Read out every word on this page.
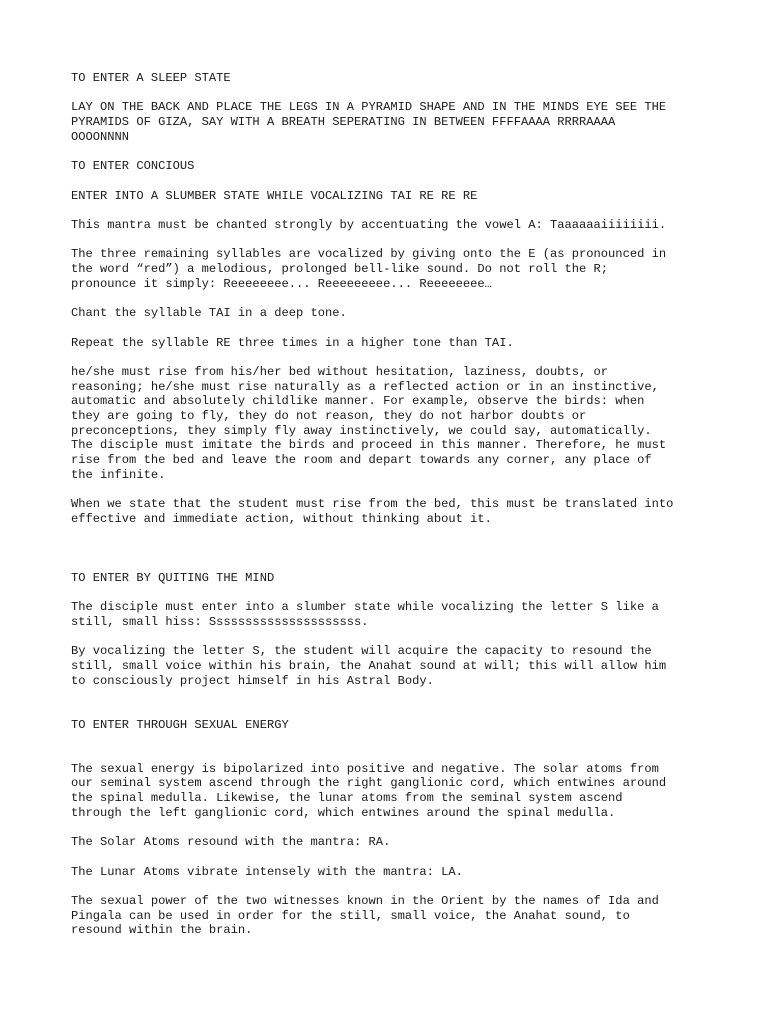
TO ENTER A SLEEP STATE

LAY ON THE BACK AND PLACE THE LEGS IN A PYRAMID SHAPE AND IN THE MINDS EYE SEE THE
PYRAMIDS OF GIZA, SAY WITH A BREATH SEPERATING IN BETWEEN FFFFAAAA RRRRAAAA
OOOONNNN

TO ENTER CONCIOUS

ENTER INTO A SLUMBER STATE WHILE VOCALIZING TAI RE RE RE

This mantra must be chanted strongly by accentuating the vowel A: Taaaaaaiiiiiiii.

The three remaining syllables are vocalized by giving onto the E (as pronounced in
the word “red”) a melodious, prolonged bell-like sound. Do not roll the R;
pronounce it simply: Reeeeeeee... Reeeeeeeee... Reeeeeeee…

Chant the syllable TAI in a deep tone.

Repeat the syllable RE three times in a higher tone than TAI.

he/she must rise from his/her bed without hesitation, laziness, doubts, or
reasoning; he/she must rise naturally as a reflected action or in an instinctive,
automatic and absolutely childlike manner. For example, observe the birds: when
they are going to fly, they do not reason, they do not harbor doubts or
preconceptions, they simply fly away instinctively, we could say, automatically.
The disciple must imitate the birds and proceed in this manner. Therefore, he must
rise from the bed and leave the room and depart towards any corner, any place of
the infinite.

When we state that the student must rise from the bed, this must be translated into
effective and immediate action, without thinking about it.

TO ENTER BY QUITING THE MIND

The disciple must enter into a slumber state while vocalizing the letter S like a
still, small hiss: Sssssssssssssssssssss.

By vocalizing the letter S, the student will acquire the capacity to resound the
still, small voice within his brain, the Anahat sound at will; this will allow him
to consciously project himself in his Astral Body.

TO ENTER THROUGH SEXUAL ENERGY

The sexual energy is bipolarized into positive and negative. The solar atoms from
our seminal system ascend through the right ganglionic cord, which entwines around
the spinal medulla. Likewise, the lunar atoms from the seminal system ascend
through the left ganglionic cord, which entwines around the spinal medulla.

The Solar Atoms resound with the mantra: RA.

The Lunar Atoms vibrate intensely with the mantra: LA.

The sexual power of the two witnesses known in the Orient by the names of Ida and
Pingala can be used in order for the still, small voice, the Anahat sound, to
resound within the brain.
